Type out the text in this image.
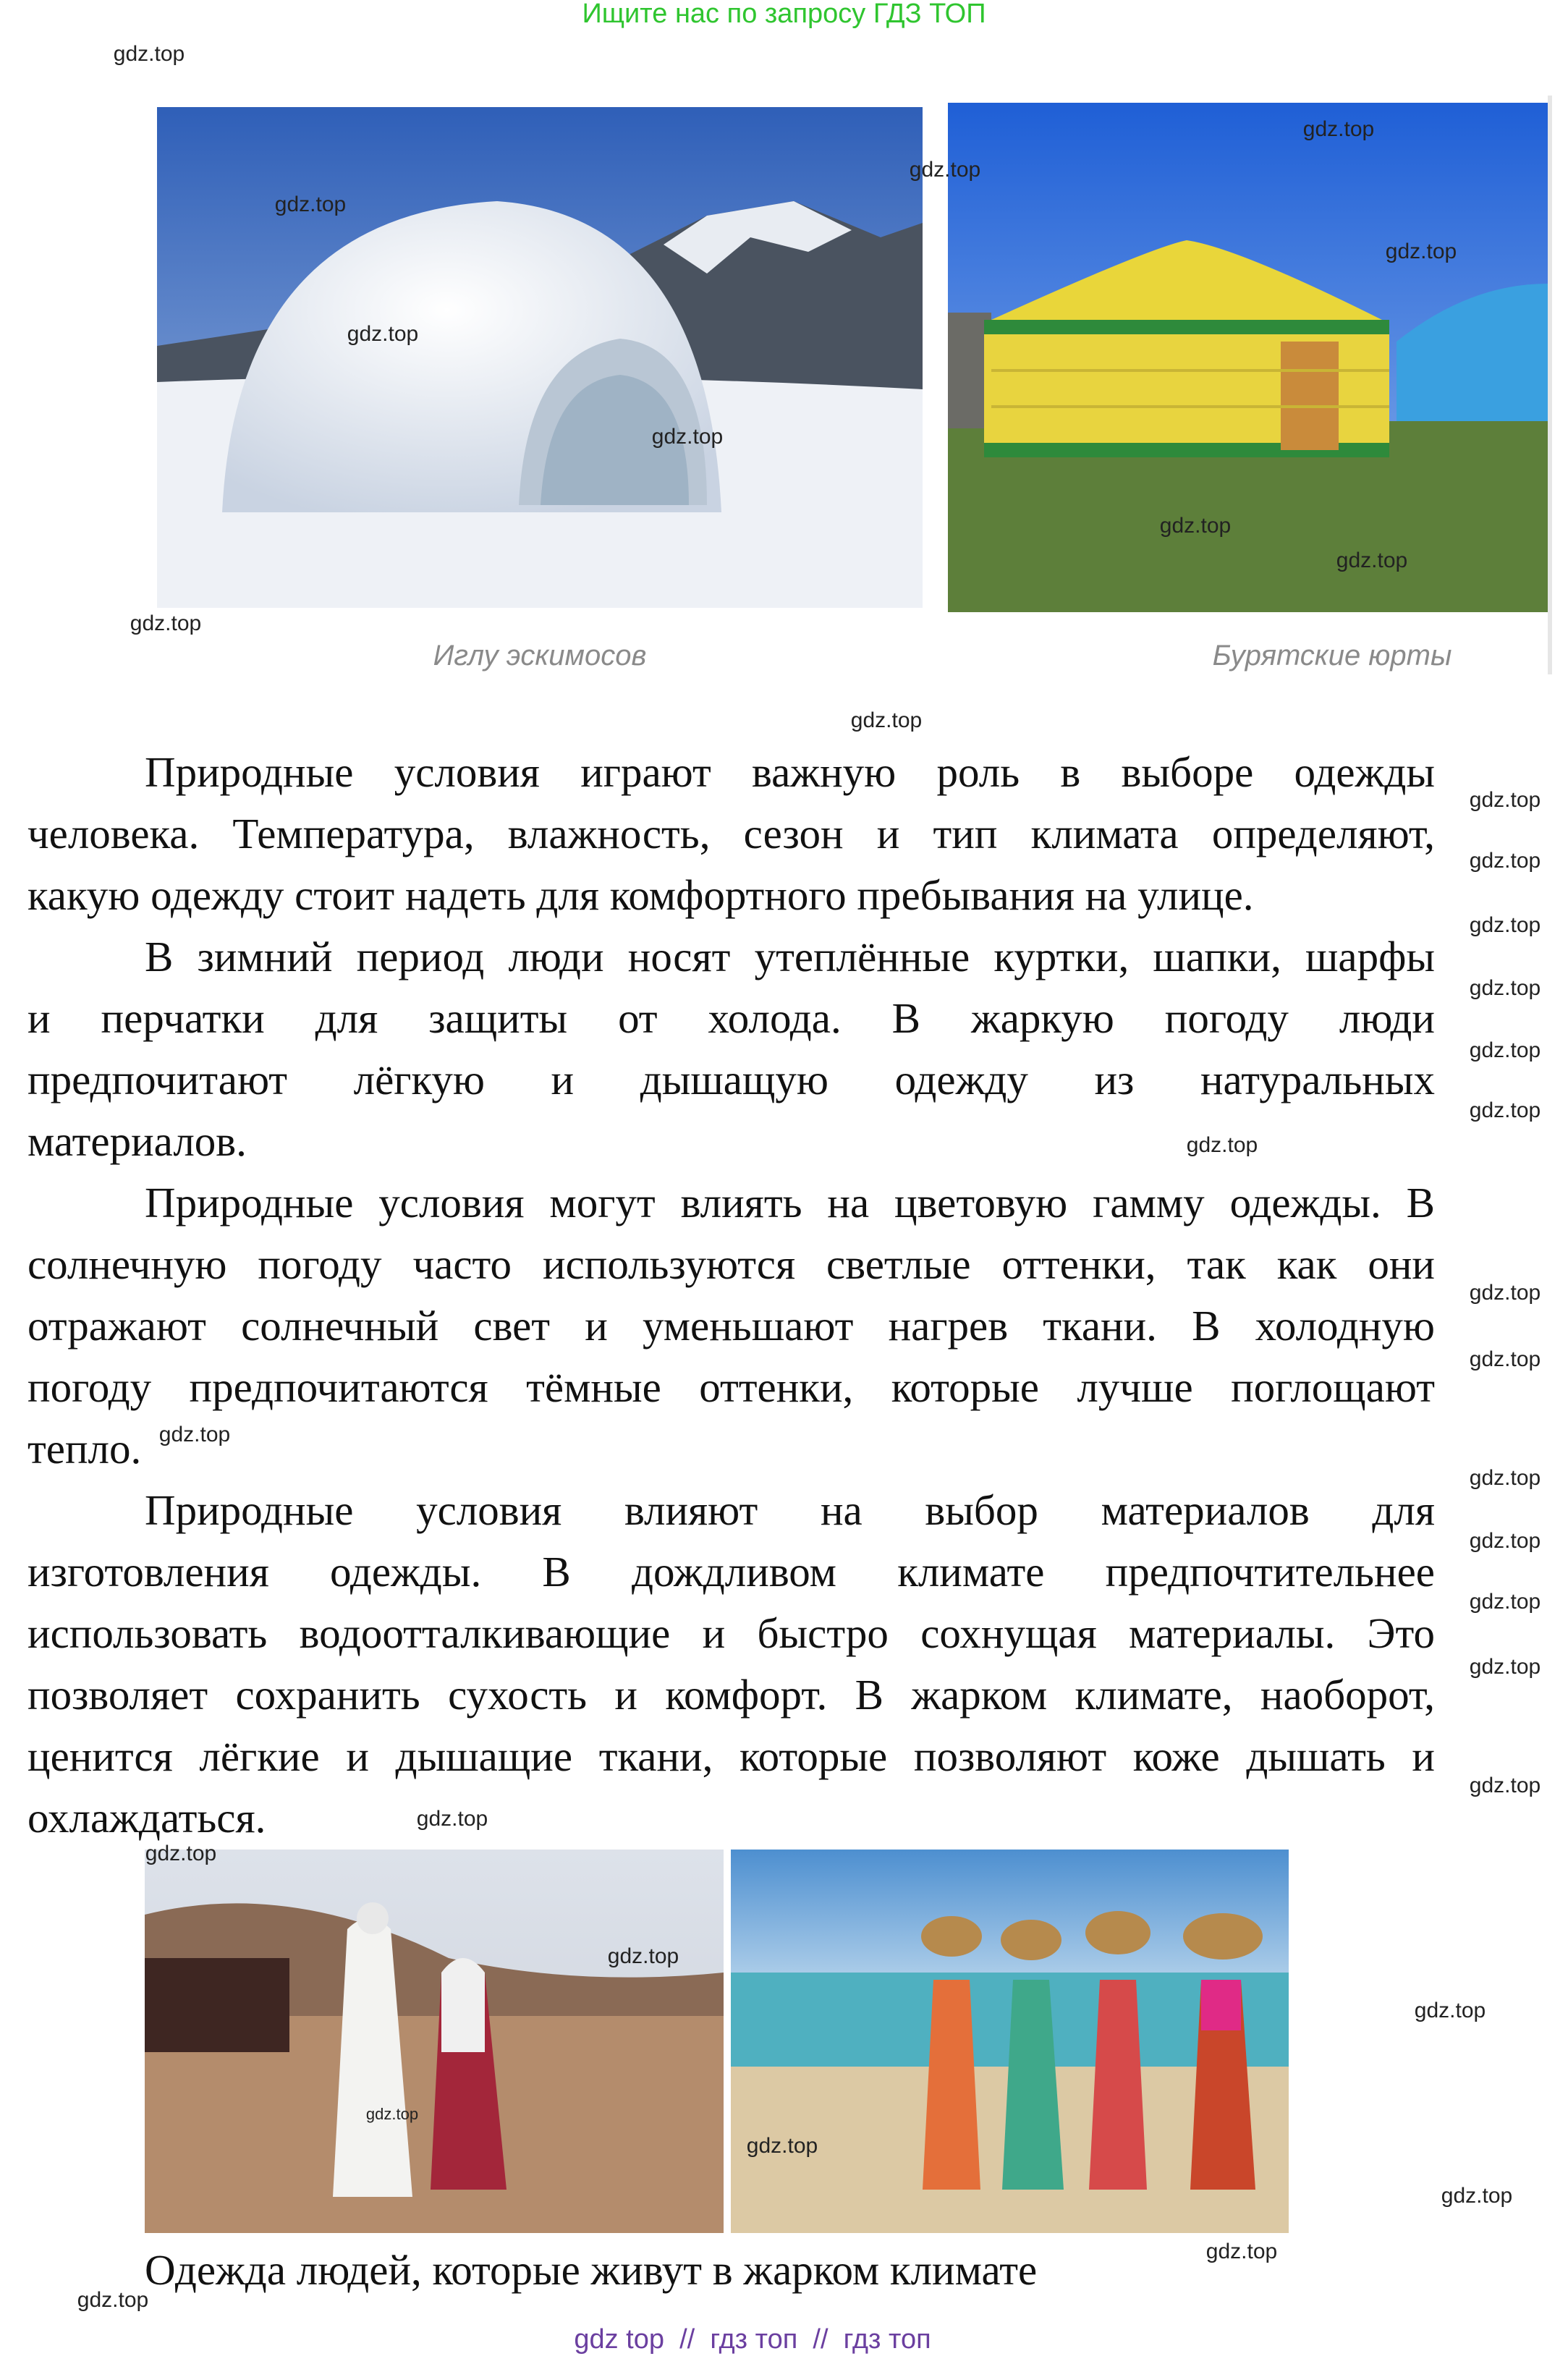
Ищите нас по запросу ГДЗ ТОП
Иглу эскимосов	Бурятские юрты
Природные условия играют важную роль в выборе одежды
человека. Температура, влажность, сезон и тип климата определяют,
какую одежду стоит надеть для комфортного пребывания на улице.
В зимний период люди носят утеплённые куртки, шапки, шарфы
и перчатки для защиты от холода. В жаркую погоду люди
предпочитают лёгкую и дышащую одежду из натуральных
материалов.
Природные условия могут влиять на цветовую гамму одежды. В
солнечную погоду часто используются светлые оттенки, так как они
отражают солнечный свет и уменьшают нагрев ткани. В холодную
погоду предпочитаются тёмные оттенки, которые лучше поглощают
тепло.
Природные условия влияют на выбор материалов для
изготовления одежды. В дождливом климате предпочтительнее
использовать водоотталкивающие и быстро сохнущая материалы. Это
позволяет сохранить сухость и комфорт. В жарком климате, наоборот,
ценится лёгкие и дышащие ткани, которые позволяют коже дышать и
охлаждаться.
Одежда людей, которые живут в жарком климате
gdz top  //  гдз топ  //  гдз топ
gdz.top
gdz.top
gdz.top
gdz.top
gdz.top
gdz.top
gdz.top
gdz.top
gdz.top
gdz.top
gdz.top
gdz.top
gdz.top
gdz.top
gdz.top
gdz.top
gdz.top
gdz.top
gdz.top
gdz.top
gdz.top
gdz.top
gdz.top
gdz.top
gdz.top
gdz.top
gdz.top
gdz.top
gdz.top
gdz.top
gdz.top
gdz.top
gdz.top
gdz.top
gdz.top
